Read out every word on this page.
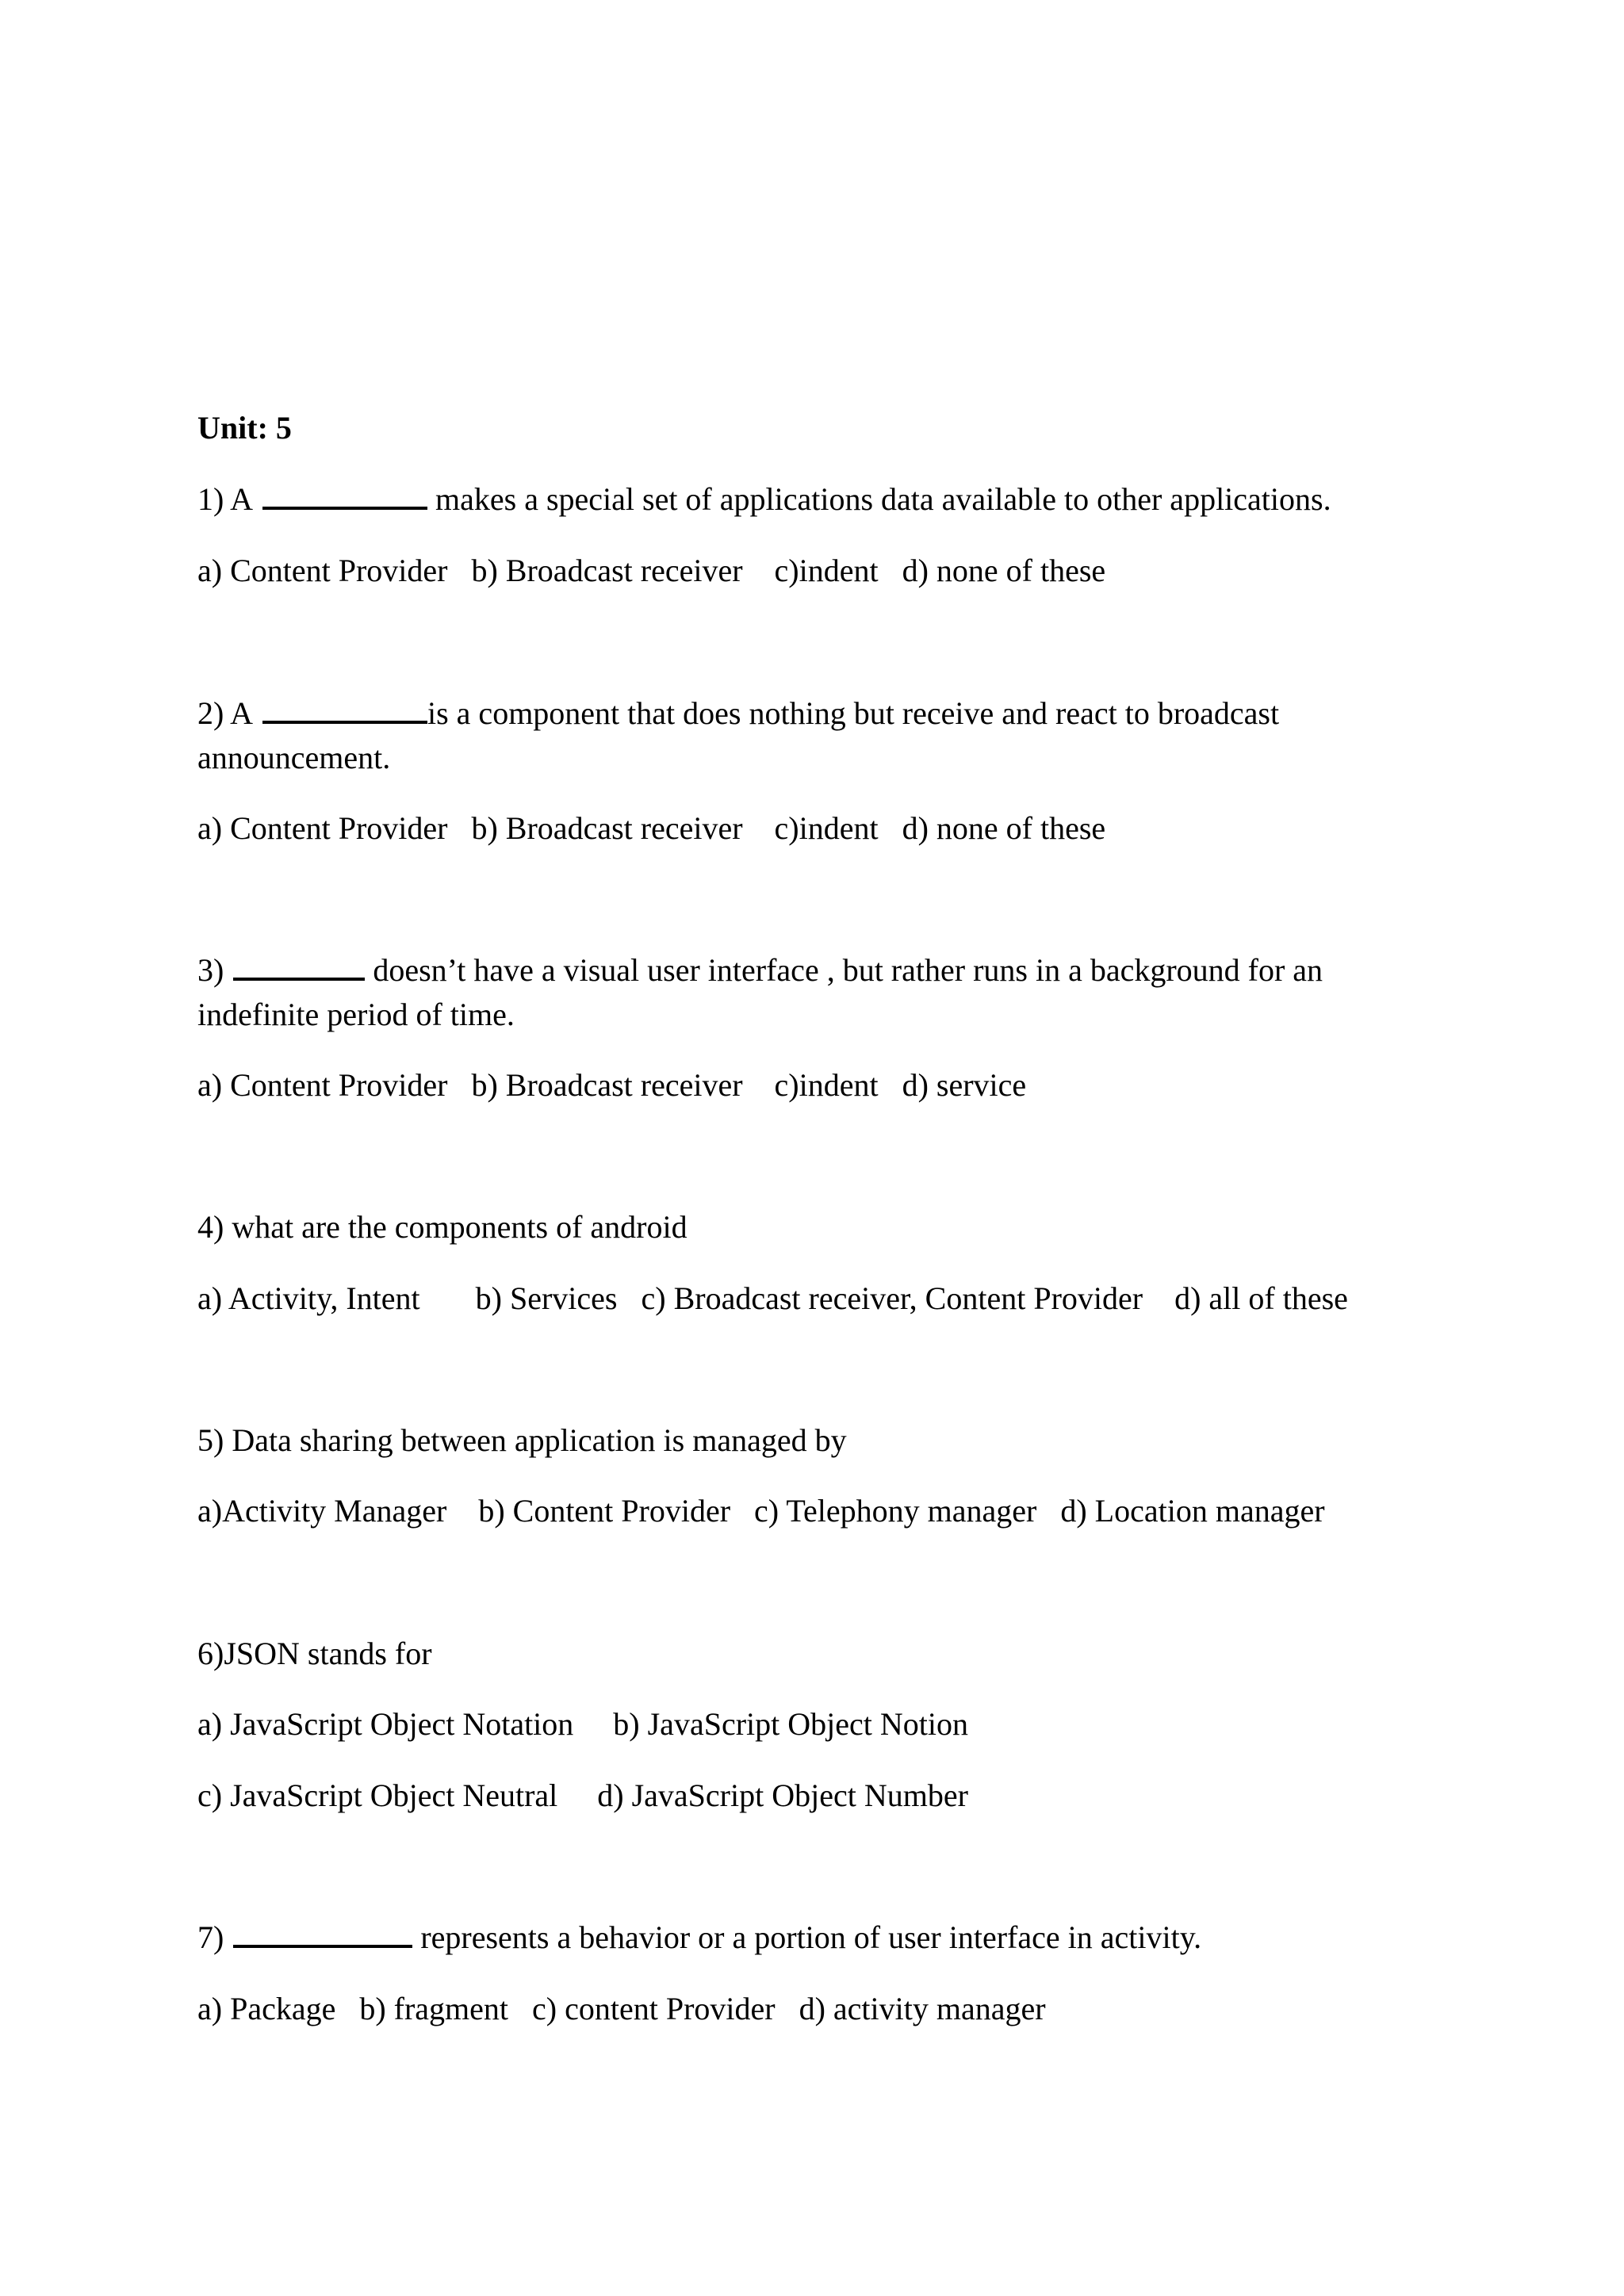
Unit: 5
1) A	makes a special set of applications data available to other applications.
a) Content Provider   b) Broadcast receiver    c)indent   d) none of these
2) A	is a component that does nothing but receive and react to broadcast
announcement.
a) Content Provider   b) Broadcast receiver    c)indent   d) none of these
3)	doesn’t have a visual user interface , but rather runs in a background for an
indefinite period of time.
a) Content Provider   b) Broadcast receiver    c)indent   d) service
4) what are the components of android
a) Activity, Intent       b) Services   c) Broadcast receiver, Content Provider    d) all of these
5) Data sharing between application is managed by
a)Activity Manager    b) Content Provider   c) Telephony manager   d) Location manager
6)JSON stands for
a) JavaScript Object Notation     b) JavaScript Object Notion
c) JavaScript Object Neutral     d) JavaScript Object Number
7)	represents a behavior or a portion of user interface in activity.
a) Package   b) fragment   c) content Provider   d) activity manager
